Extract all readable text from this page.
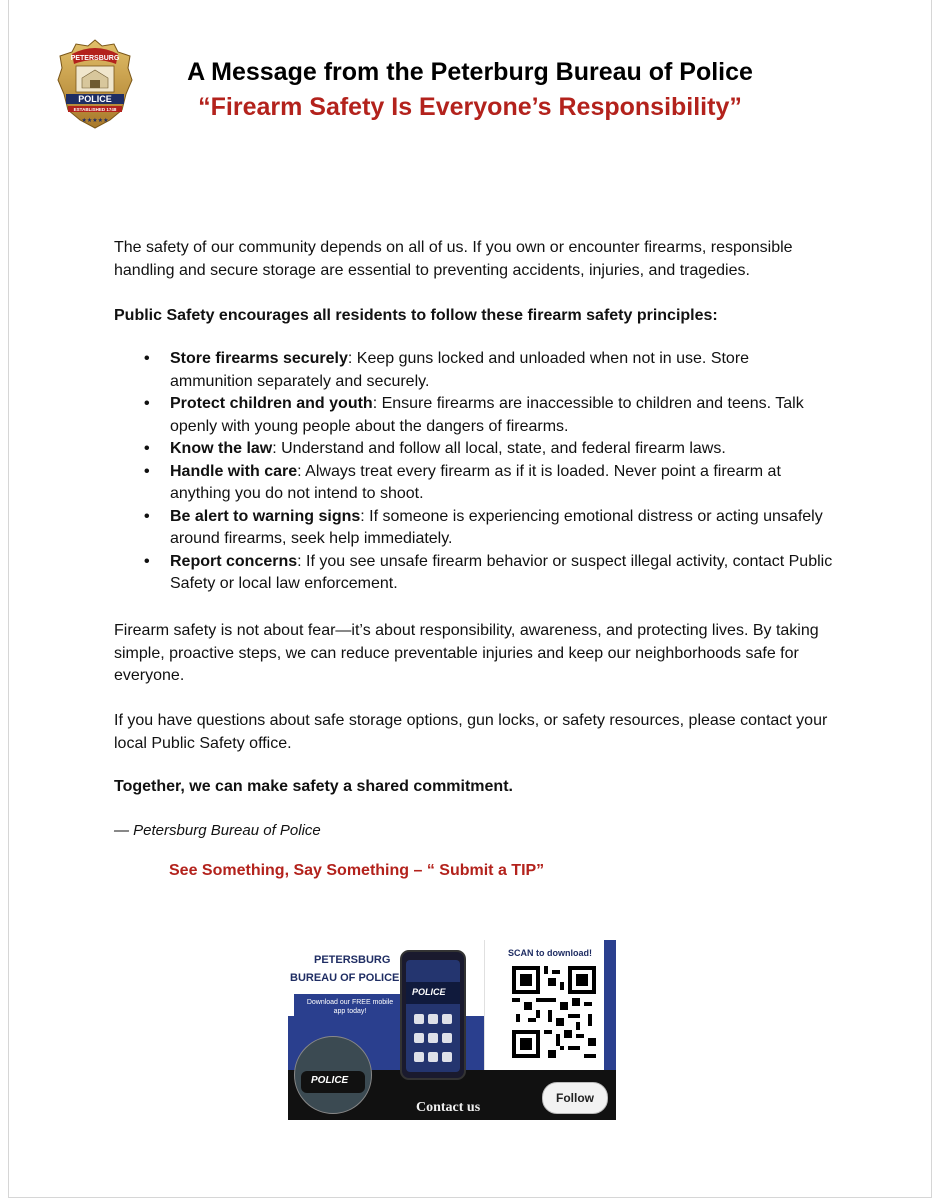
PETERSBURG
POLICE
ESTABLISHED 1748
★★★★★
A Message from the Peterburg Bureau of Police
“Firearm Safety Is Everyone’s Responsibility”
The safety of our community depends on all of us. If you own or encounter firearms, responsible handling and secure storage are essential to preventing accidents, injuries, and tragedies.
Public Safety encourages all residents to follow these firearm safety principles:
• Store firearms securely: Keep guns locked and unloaded when not in use. Store ammunition separately and securely.
• Protect children and youth: Ensure firearms are inaccessible to children and teens. Talk openly with young people about the dangers of firearms.
• Know the law: Understand and follow all local, state, and federal firearm laws.
• Handle with care: Always treat every firearm as if it is loaded. Never point a firearm at anything you do not intend to shoot.
• Be alert to warning signs: If someone is experiencing emotional distress or acting unsafely around firearms, seek help immediately.
• Report concerns: If you see unsafe firearm behavior or suspect illegal activity, contact Public Safety or local law enforcement.
Firearm safety is not about fear—it’s about responsibility, awareness, and protecting lives. By taking simple, proactive steps, we can reduce preventable injuries and keep our neighborhoods safe for everyone.
If you have questions about safe storage options, gun locks, or safety resources, please contact your local Public Safety office.
Together, we can make safety a shared commitment.
— Petersburg Bureau of Police
See Something, Say Something – “ Submit a TIP”
PETERSBURG
BUREAU OF POLICE
Download our FREE mobile app today!
POLICE
POLICE
SCAN to download!
Contact us
Follow
